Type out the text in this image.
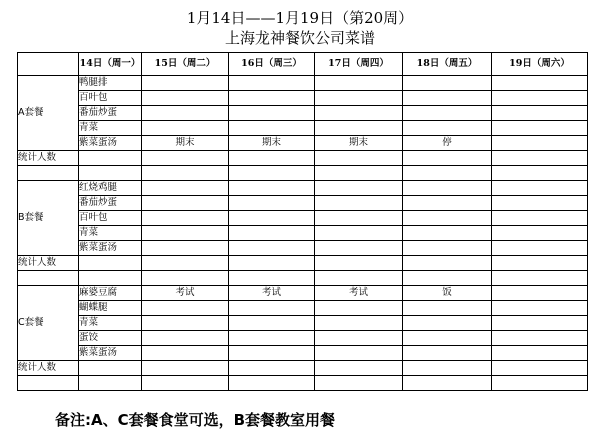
1月14日——1月19日（第20周）
上海龙神餐饮公司菜谱
	14日（周一）	15日（周二）	16日（周三）	17日（周四）	18日（周五）	19日（周六）
A套餐	鸭腿排					
	百叶包					
	番茄炒蛋					
	青菜					
	紫菜蛋汤	期末	期末	期末	停	
统计人数						

B套餐	红烧鸡腿					
	番茄炒蛋					
	百叶包					
	青菜					
	紫菜蛋汤					
统计人数						

C套餐	麻婆豆腐	考试	考试	考试	饭	
	蝴蝶腿					
	青菜					
	蛋饺					
	紫菜蛋汤					
统计人数						

备注:A、C套餐食堂可选，B套餐教室用餐
